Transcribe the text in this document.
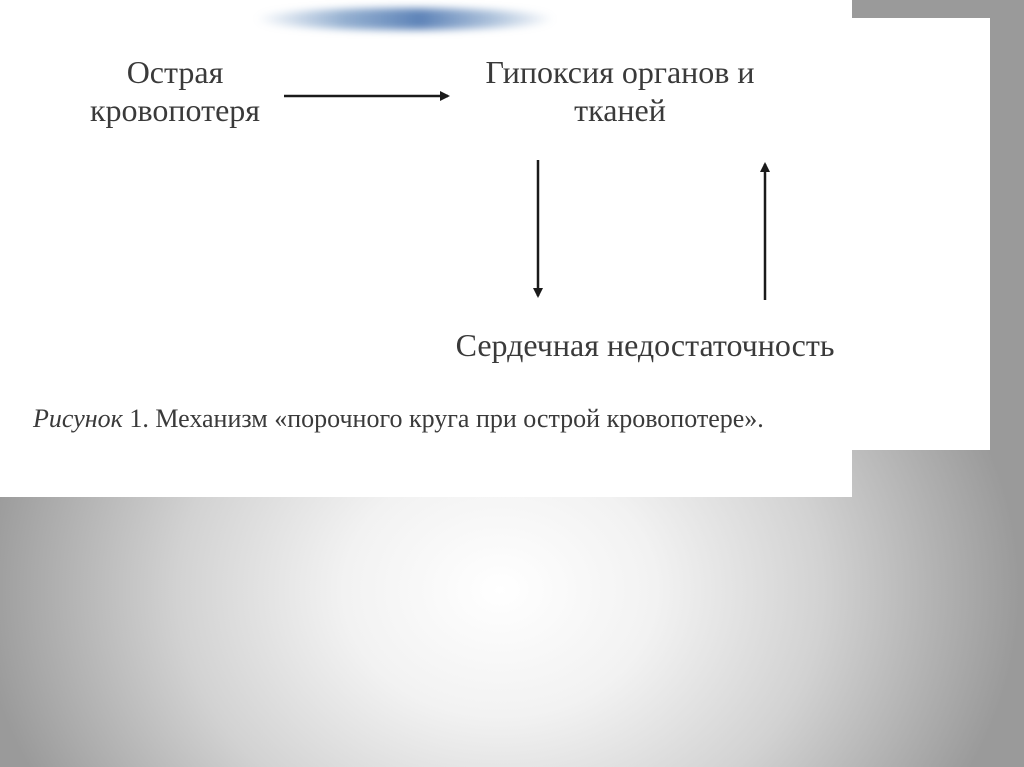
Острая
кровопотеря
Гипоксия органов и
тканей
Сердечная недостаточность
Рисунок 1. Механизм «порочного круга при острой кровопотере».
